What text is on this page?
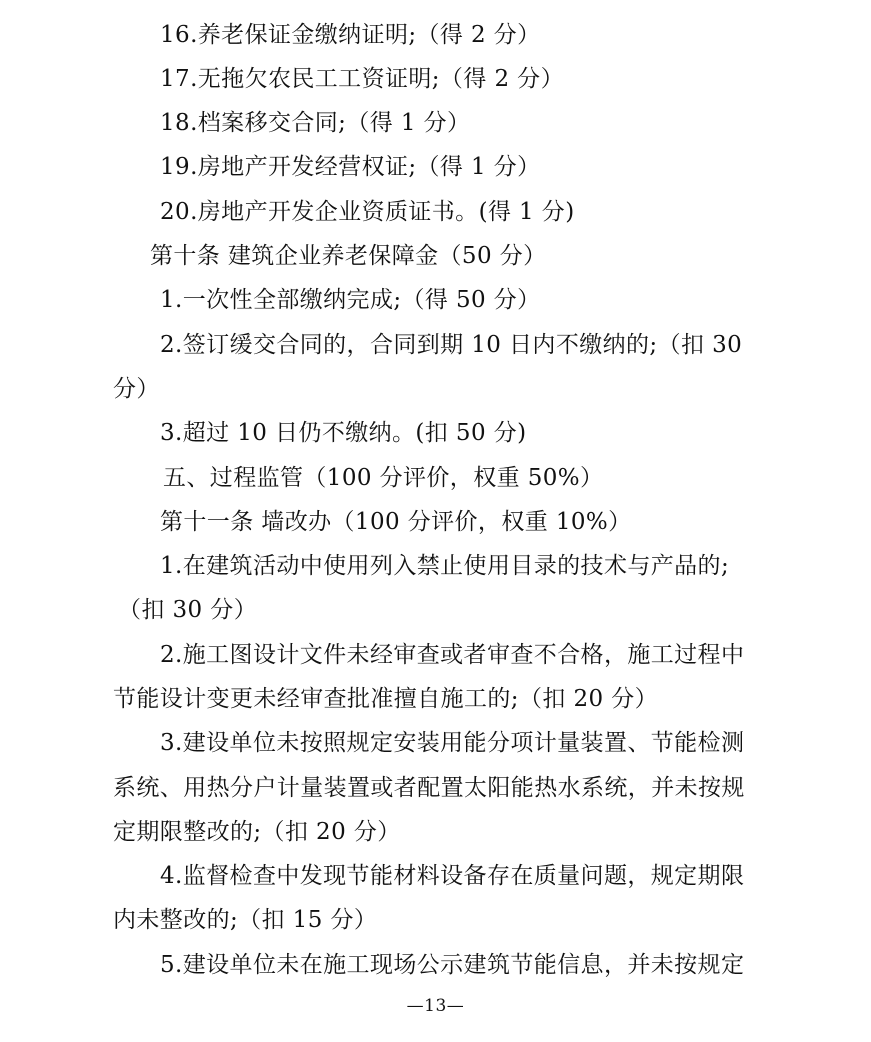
16.养老保证金缴纳证明;（得 2 分）
17.无拖欠农民工工资证明;（得 2 分）
18.档案移交合同;（得 1 分）
19.房地产开发经营权证;（得 1 分）
20.房地产开发企业资质证书。(得 1 分)
第十条 建筑企业养老保障金（50 分）
1.一次性全部缴纳完成;（得 50 分）
2.签订缓交合同的，合同到期 10 日内不缴纳的;（扣 30
分）
3.超过 10 日仍不缴纳。(扣 50 分)
五、过程监管（100 分评价，权重 50%）
第十一条 墙改办（100 分评价，权重 10%）
1.在建筑活动中使用列入禁止使用目录的技术与产品的;
（扣 30 分）
2.施工图设计文件未经审查或者审查不合格，施工过程中
节能设计变更未经审查批准擅自施工的;（扣 20 分）
3.建设单位未按照规定安装用能分项计量装置、节能检测
系统、用热分户计量装置或者配置太阳能热水系统，并未按规
定期限整改的;（扣 20 分）
4.监督检查中发现节能材料设备存在质量问题，规定期限
内未整改的;（扣 15 分）
5.建设单位未在施工现场公示建筑节能信息，并未按规定
—13—
